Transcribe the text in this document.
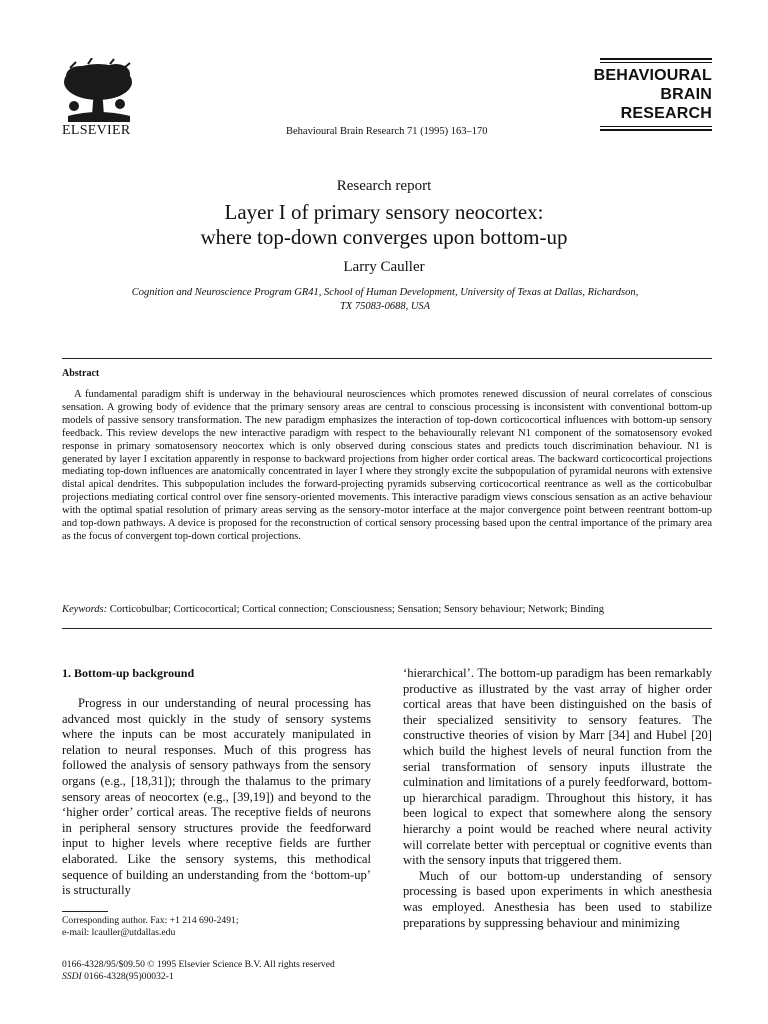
ELSEVIER	Behavioural Brain Research 71 (1995) 163–170
BEHAVIOURAL
BRAIN
RESEARCH
Research report
Layer I of primary sensory neocortex:
where top-down converges upon bottom-up
Larry Cauller
Cognition and Neuroscience Program GR41, School of Human Development, University of Texas at Dallas, Richardson,
TX 75083-0688, USA
Abstract
A fundamental paradigm shift is underway in the behavioural neurosciences which promotes renewed discussion of neural correlates of conscious sensation. A growing body of evidence that the primary sensory areas are central to conscious processing is inconsistent with conventional bottom-up models of passive sensory transformation. The new paradigm emphasizes the interaction of top-down corticocortical influences with bottom-up sensory feedback. This review develops the new interactive paradigm with respect to the behaviourally relevant N1 component of the somatosensory evoked response in primary somatosensory neocortex which is only observed during conscious states and predicts touch discrimination behaviour. N1 is generated by layer I excitation apparently in response to backward projections from higher order cortical areas. The backward corticocortical projections mediating top-down influences are anatomically concentrated in layer I where they strongly excite the subpopulation of pyramidal neurons with extensive distal apical dendrites. This subpopulation includes the forward-projecting pyramids subserving corticocortical reentrance as well as the corticobulbar projections mediating cortical control over fine sensory-oriented movements. This interactive paradigm views conscious sensation as an active behaviour with the optimal spatial resolution of primary areas serving as the sensory-motor interface at the major convergence point between reentrant bottom-up and top-down pathways. A device is proposed for the reconstruction of cortical sensory processing based upon the central importance of the primary area as the focus of convergent top-down cortical projections.
Keywords: Corticobulbar; Corticocortical; Cortical connection; Consciousness; Sensation; Sensory behaviour; Network; Binding
1. Bottom-up background

Progress in our understanding of neural processing has advanced most quickly in the study of sensory systems where the inputs can be most accurately manipulated in relation to neural responses. Much of this progress has followed the analysis of sensory pathways from the sensory organs (e.g., [18,31]); through the thalamus to the primary sensory areas of neocortex (e.g., [39,19]) and beyond to the ‘higher order’ cortical areas. The receptive fields of neurons in peripheral sensory structures provide the feedforward input to higher levels where receptive fields are further elaborated. Like the sensory systems, this methodical sequence of building an understanding from the ‘bottom-up’ is structurally

‘hierarchical’. The bottom-up paradigm has been remarkably productive as illustrated by the vast array of higher order cortical areas that have been distinguished on the basis of their specialized sensitivity to sensory features. The constructive theories of vision by Marr [34] and Hubel [20] which build the highest levels of neural function from the serial transformation of sensory inputs illustrate the culmination and limitations of a purely feedforward, bottom-up hierarchical paradigm. Throughout this history, it has been logical to expect that somewhere along the sensory hierarchy a point would be reached where neural activity will correlate better with perceptual or cognitive events than with the sensory inputs that triggered them.

Much of our bottom-up understanding of sensory processing is based upon experiments in which anesthesia was employed. Anesthesia has been used to stabilize preparations by suppressing behaviour and minimizing

Corresponding author. Fax: +1 214 690-2491;
e-mail: lcauller@utdallas.edu
0166-4328/95/$09.50 © 1995 Elsevier Science B.V. All rights reserved
SSDI 0166-4328(95)00032-1
